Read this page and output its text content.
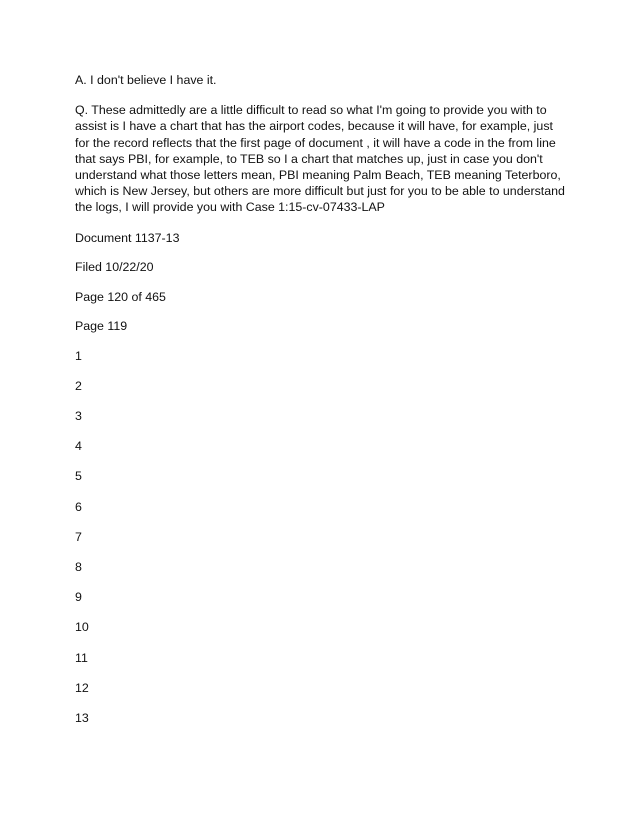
A. I don't believe I have it.

Q. These admittedly are a little difficult to read so what I'm going to provide you with to assist is I have a chart that has the airport codes, because it will have, for example, just for the record reflects that the first page of document , it will have a code in the from line that says PBI, for example, to TEB so I a chart that matches up, just in case you don't understand what those letters mean, PBI meaning Palm Beach, TEB meaning Teterboro, which is New Jersey, but others are more difficult but just for you to be able to understand the logs, I will provide you with Case 1:15-cv-07433-LAP

Document 1137-13

Filed 10/22/20

Page 120 of 465

Page 119

1

2

3

4

5

6

7

8

9

10

11

12

13
